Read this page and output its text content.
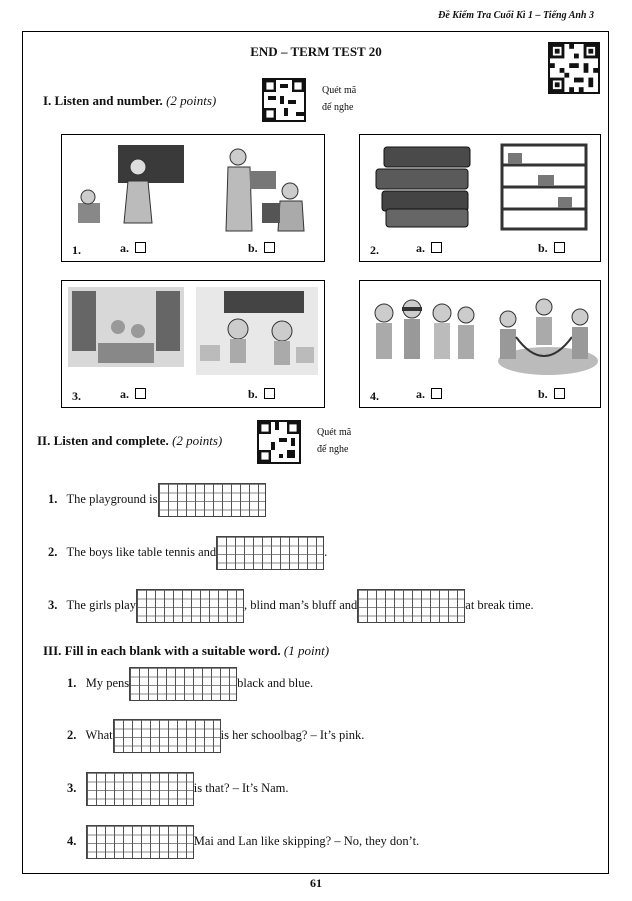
Đề Kiểm Tra Cuối Kì 1 – Tiếng Anh 3
END – TERM TEST 20
I. Listen and number. (2 points)
Quét mã
để nghe
1.	a.	b.	2.	a.	b.
3.	a.	b.	4.	a.	b.
II. Listen and complete. (2 points)
Quét mã
để nghe
1. The playground is
2. The boys like table tennis and	.
3. The girls play	, blind man’s bluff and	at break time.
III. Fill in each blank with a suitable word. (1 point)
1. My pens	black and blue.
2. What	is her schoolbag? – It’s pink.
3.	is that? – It’s Nam.
4.	Mai and Lan like skipping? – No, they don’t.
61
